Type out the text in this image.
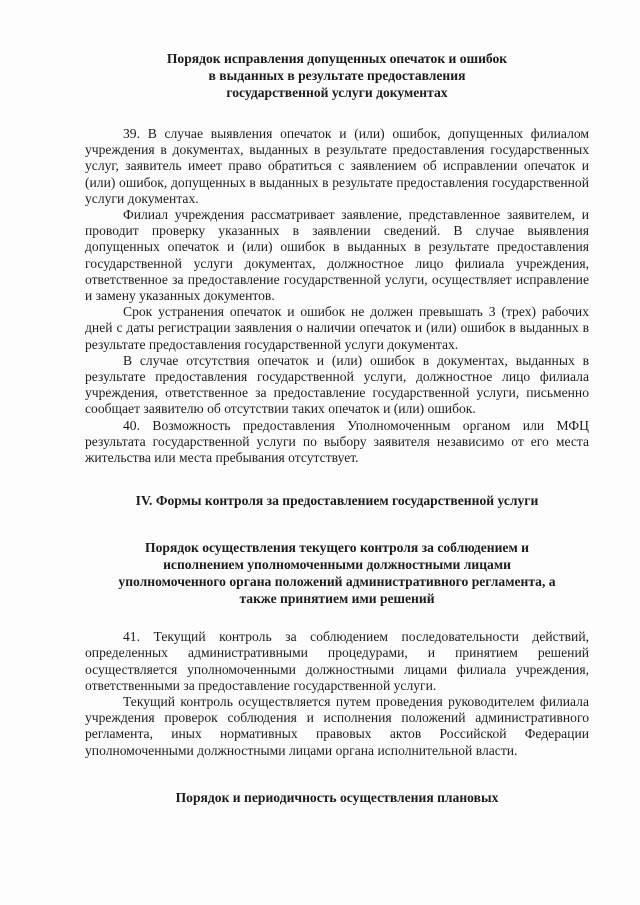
Порядок исправления допущенных опечаток и ошибок

в выданных в результате предоставления

государственной услуги документах

39. В случае выявления опечаток и (или) ошибок, допущенных филиалом учреждения в документах, выданных в результате предоставления государственных услуг, заявитель имеет право обратиться с заявлением об исправлении опечаток и (или) ошибок, допущенных в выданных в результате предоставления государственной услуги документах.

Филиал учреждения рассматривает заявление, представленное заявителем, и проводит проверку указанных в заявлении сведений. В случае выявления допущенных опечаток и (или) ошибок в выданных в результате предоставления государственной услуги документах, должностное лицо филиала учреждения, ответственное за предоставление государственной услуги, осуществляет исправление и замену указанных документов.

Срок устранения опечаток и ошибок не должен превышать 3 (трех) рабочих дней с даты регистрации заявления о наличии опечаток и (или) ошибок в выданных в результате предоставления государственной услуги документах.

В случае отсутствия опечаток и (или) ошибок в документах, выданных в результате предоставления государственной услуги, должностное лицо филиала учреждения, ответственное за предоставление государственной услуги, письменно сообщает заявителю об отсутствии таких опечаток и (или) ошибок.

40. Возможность предоставления Уполномоченным органом или МФЦ результата государственной услуги по выбору заявителя независимо от его места жительства или места пребывания отсутствует.

IV. Формы контроля за предоставлением государственной услуги

Порядок осуществления текущего контроля за соблюдением и

исполнением уполномоченными должностными лицами

уполномоченного органа положений административного регламента, а

также принятием ими решений

41. Текущий контроль за соблюдением последовательности действий, определенных административными процедурами, и принятием решений осуществляется уполномоченными должностными лицами филиала учреждения, ответственными за предоставление государственной услуги.

Текущий контроль осуществляется путем проведения руководителем филиала учреждения проверок соблюдения и исполнения положений административного регламента, иных нормативных правовых актов Российской Федерации уполномоченными должностными лицами органа исполнительной власти.

Порядок и периодичность осуществления плановых
